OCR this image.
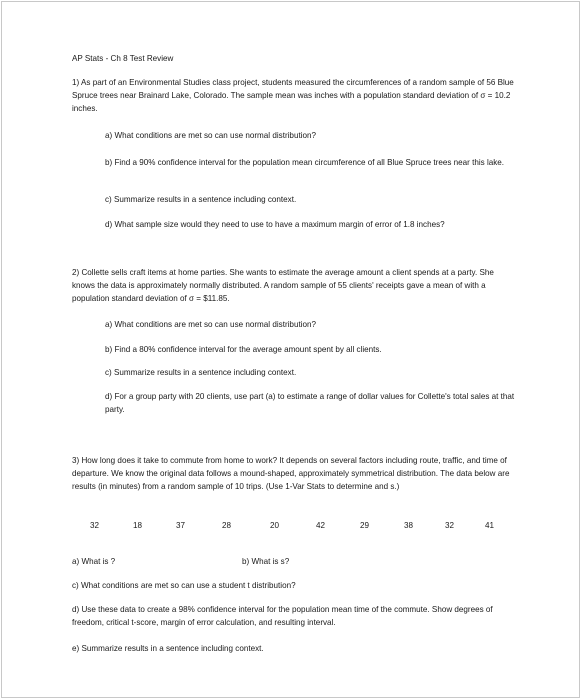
AP Stats - Ch 8 Test Review
1) As part of an Environmental Studies class project, students measured the circumferences of a random sample of 56 Blue Spruce trees near Brainard Lake, Colorado. The sample mean was inches with a population standard deviation of σ = 10.2 inches.
a) What conditions are met so can use normal distribution?
b) Find a 90% confidence interval for the population mean circumference of all Blue Spruce trees near this lake.
c) Summarize results in a sentence including context.
d) What sample size would they need to use to have a maximum margin of error of 1.8 inches?
2) Collette sells craft items at home parties. She wants to estimate the average amount a client spends at a party. She knows the data is approximately normally distributed. A random sample of 55 clients' receipts gave a mean of with a population standard deviation of σ = $11.85.
a) What conditions are met so can use normal distribution?
b) Find a 80% confidence interval for the average amount spent by all clients.
c) Summarize results in a sentence including context.
d) For a group party with 20 clients, use part (a) to estimate a range of dollar values for Collette's total sales at that party.
3) How long does it take to commute from home to work? It depends on several factors including route, traffic, and time of departure. We know the original data follows a mound-shaped, approximately symmetrical distribution. The data below are results (in minutes) from a random sample of 10 trips. (Use 1-Var Stats to determine and s.)
32	18	37	28	20	42	29	38	32	41
a) What is ?	b) What is s?
c) What conditions are met so can use a student t distribution?
d) Use these data to create a 98% confidence interval for the population mean time of the commute. Show degrees of freedom, critical t-score, margin of error calculation, and resulting interval.
e) Summarize results in a sentence including context.
